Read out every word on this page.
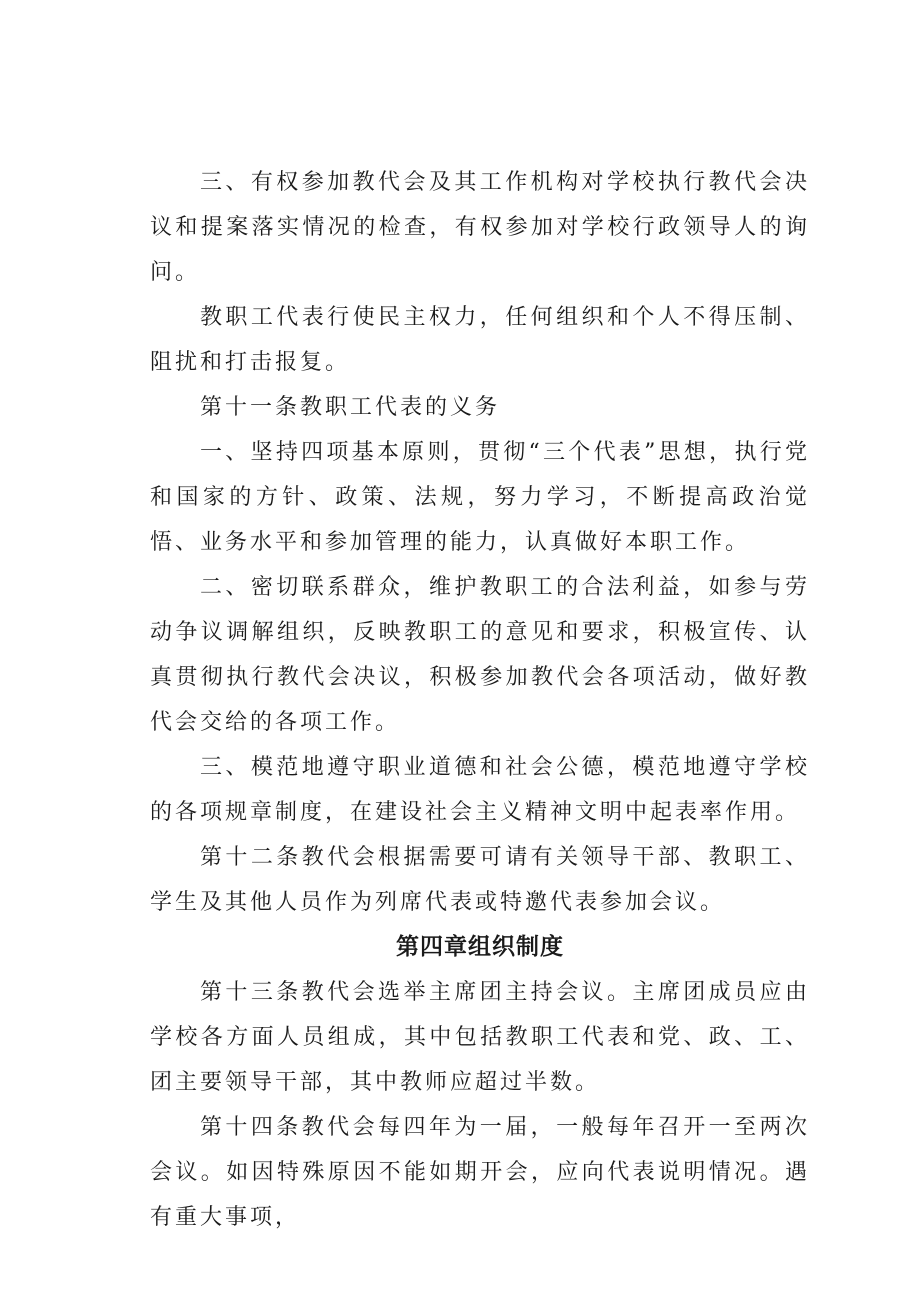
三、有权参加教代会及其工作机构对学校执行教代会决议和提案落实情况的检查，有权参加对学校行政领导人的询问。

教职工代表行使民主权力，任何组织和个人不得压制、阻扰和打击报复。

第十一条教职工代表的义务

一、坚持四项基本原则，贯彻“三个代表”思想，执行党和国家的方针、政策、法规，努力学习，不断提高政治觉悟、业务水平和参加管理的能力，认真做好本职工作。

二、密切联系群众，维护教职工的合法利益，如参与劳动争议调解组织，反映教职工的意见和要求，积极宣传、认真贯彻执行教代会决议，积极参加教代会各项活动，做好教代会交给的各项工作。

三、模范地遵守职业道德和社会公德，模范地遵守学校的各项规章制度，在建设社会主义精神文明中起表率作用。

第十二条教代会根据需要可请有关领导干部、教职工、学生及其他人员作为列席代表或特邀代表参加会议。

第四章组织制度

第十三条教代会选举主席团主持会议。主席团成员应由学校各方面人员组成，其中包括教职工代表和党、政、工、团主要领导干部，其中教师应超过半数。

第十四条教代会每四年为一届，一般每年召开一至两次会议。如因特殊原因不能如期开会，应向代表说明情况。遇有重大事项，
